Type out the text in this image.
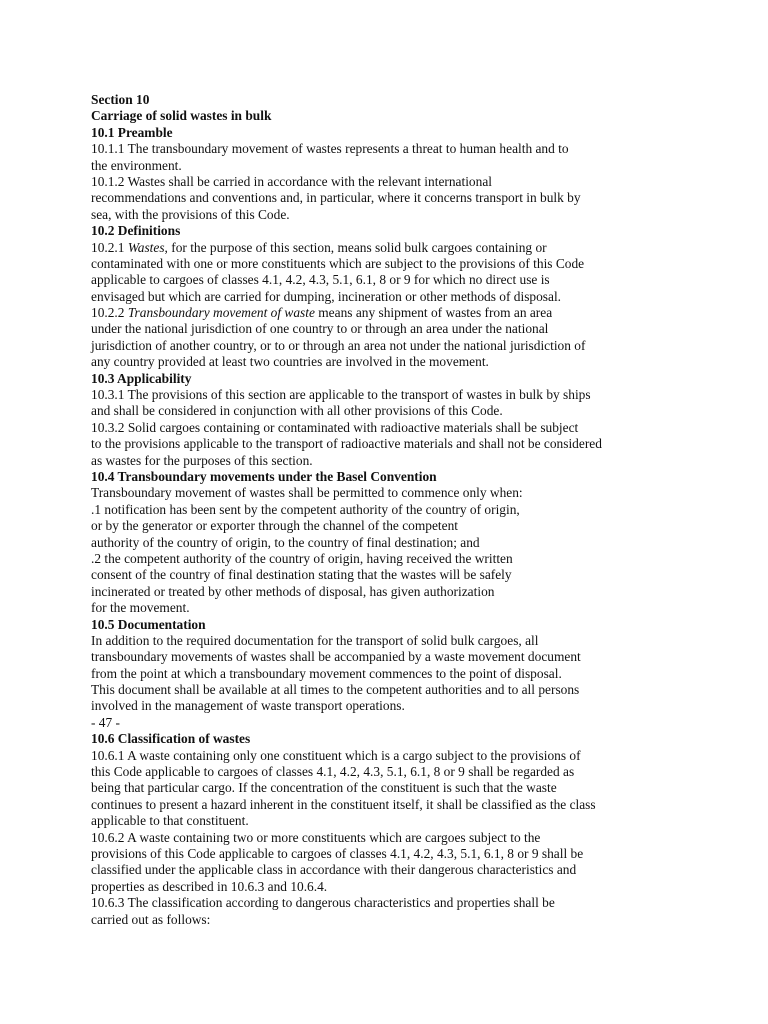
Section 10
Carriage of solid wastes in bulk
10.1 Preamble
10.1.1 The transboundary movement of wastes represents a threat to human health and to
the environment.
10.1.2 Wastes shall be carried in accordance with the relevant international
recommendations and conventions and, in particular, where it concerns transport in bulk by
sea, with the provisions of this Code.
10.2 Definitions
10.2.1 Wastes, for the purpose of this section, means solid bulk cargoes containing or
contaminated with one or more constituents which are subject to the provisions of this Code
applicable to cargoes of classes 4.1, 4.2, 4.3, 5.1, 6.1, 8 or 9 for which no direct use is
envisaged but which are carried for dumping, incineration or other methods of disposal.
10.2.2 Transboundary movement of waste means any shipment of wastes from an area
under the national jurisdiction of one country to or through an area under the national
jurisdiction of another country, or to or through an area not under the national jurisdiction of
any country provided at least two countries are involved in the movement.
10.3 Applicability
10.3.1 The provisions of this section are applicable to the transport of wastes in bulk by ships
and shall be considered in conjunction with all other provisions of this Code.
10.3.2 Solid cargoes containing or contaminated with radioactive materials shall be subject
to the provisions applicable to the transport of radioactive materials and shall not be considered
as wastes for the purposes of this section.
10.4 Transboundary movements under the Basel Convention
Transboundary movement of wastes shall be permitted to commence only when:
.1 notification has been sent by the competent authority of the country of origin,
or by the generator or exporter through the channel of the competent
authority of the country of origin, to the country of final destination; and
.2 the competent authority of the country of origin, having received the written
consent of the country of final destination stating that the wastes will be safely
incinerated or treated by other methods of disposal, has given authorization
for the movement.
10.5 Documentation
In addition to the required documentation for the transport of solid bulk cargoes, all
transboundary movements of wastes shall be accompanied by a waste movement document
from the point at which a transboundary movement commences to the point of disposal.
This document shall be available at all times to the competent authorities and to all persons
involved in the management of waste transport operations.
- 47 -
10.6 Classification of wastes
10.6.1 A waste containing only one constituent which is a cargo subject to the provisions of
this Code applicable to cargoes of classes 4.1, 4.2, 4.3, 5.1, 6.1, 8 or 9 shall be regarded as
being that particular cargo. If the concentration of the constituent is such that the waste
continues to present a hazard inherent in the constituent itself, it shall be classified as the class
applicable to that constituent.
10.6.2 A waste containing two or more constituents which are cargoes subject to the
provisions of this Code applicable to cargoes of classes 4.1, 4.2, 4.3, 5.1, 6.1, 8 or 9 shall be
classified under the applicable class in accordance with their dangerous characteristics and
properties as described in 10.6.3 and 10.6.4.
10.6.3 The classification according to dangerous characteristics and properties shall be
carried out as follows:
